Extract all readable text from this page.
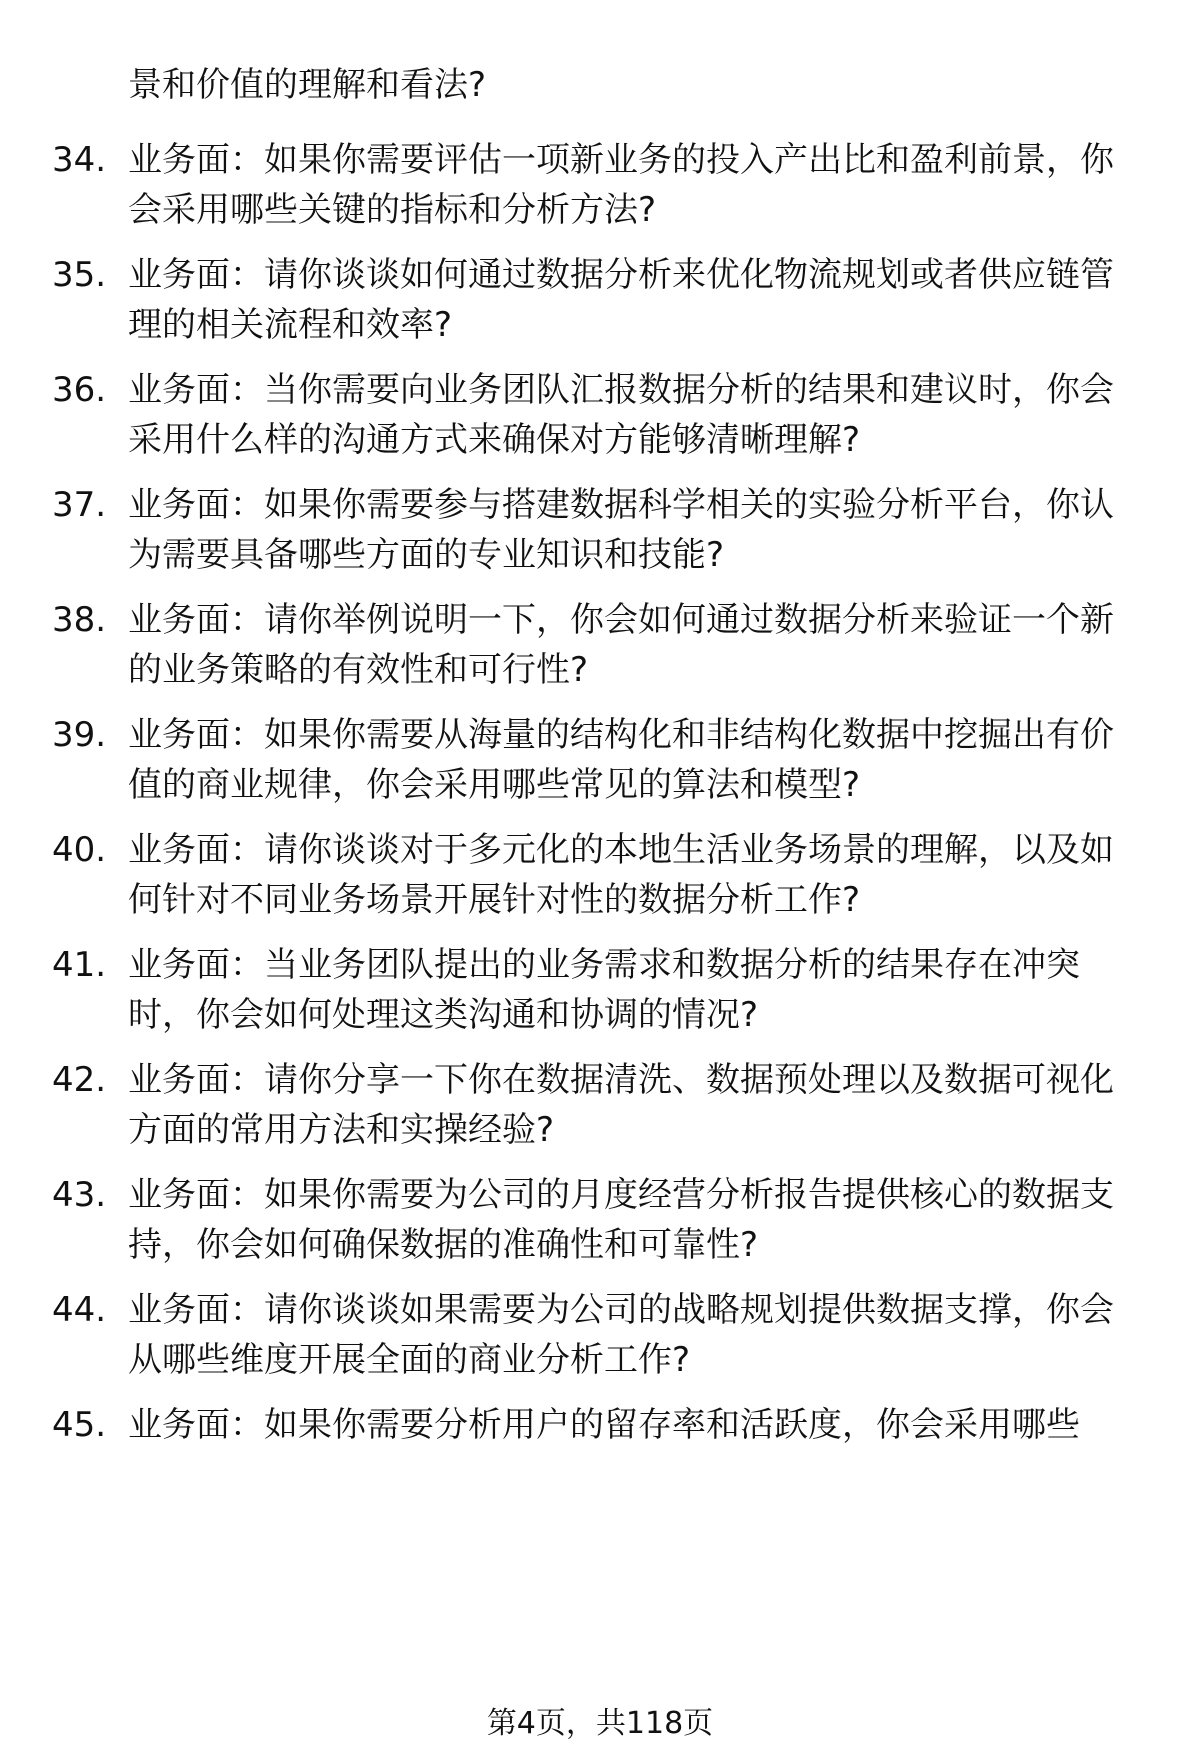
景和价值的理解和看法?
34. 业务面：如果你需要评估一项新业务的投入产出比和盈利前景，你会采用哪些关键的指标和分析方法?
35. 业务面：请你谈谈如何通过数据分析来优化物流规划或者供应链管理的相关流程和效率?
36. 业务面：当你需要向业务团队汇报数据分析的结果和建议时，你会采用什么样的沟通方式来确保对方能够清晰理解?
37. 业务面：如果你需要参与搭建数据科学相关的实验分析平台，你认为需要具备哪些方面的专业知识和技能?
38. 业务面：请你举例说明一下，你会如何通过数据分析来验证一个新的业务策略的有效性和可行性?
39. 业务面：如果你需要从海量的结构化和非结构化数据中挖掘出有价值的商业规律，你会采用哪些常见的算法和模型?
40. 业务面：请你谈谈对于多元化的本地生活业务场景的理解，以及如何针对不同业务场景开展针对性的数据分析工作?
41. 业务面：当业务团队提出的业务需求和数据分析的结果存在冲突时，你会如何处理这类沟通和协调的情况?
42. 业务面：请你分享一下你在数据清洗、数据预处理以及数据可视化方面的常用方法和实操经验?
43. 业务面：如果你需要为公司的月度经营分析报告提供核心的数据支持，你会如何确保数据的准确性和可靠性?
44. 业务面：请你谈谈如果需要为公司的战略规划提供数据支撑，你会从哪些维度开展全面的商业分析工作?
45. 业务面：如果你需要分析用户的留存率和活跃度，你会采用哪些
第4页，共118页
